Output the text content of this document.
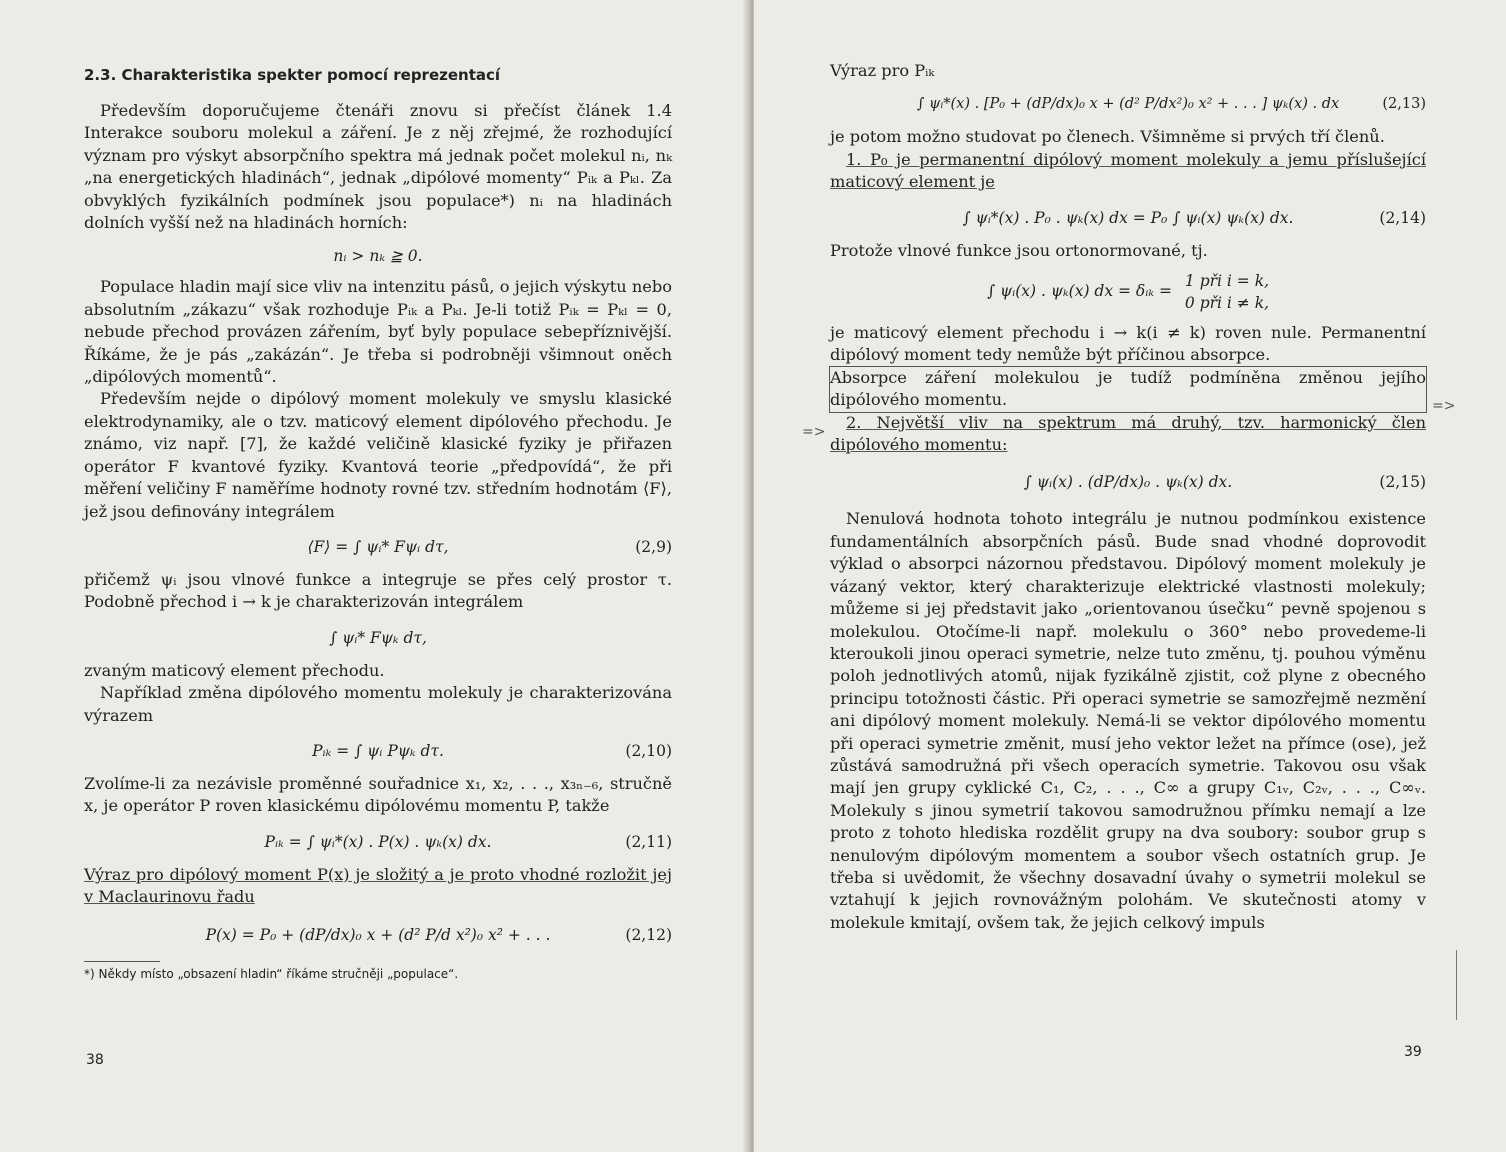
2.3. Charakteristika spekter pomocí reprezentací

Především doporučujeme čtenáři znovu si přečíst článek 1.4 Interakce souboru molekul a záření. Je z něj zřejmé, že rozhodující význam pro výskyt absorpčního spektra má jednak počet molekul nᵢ, nₖ „na energetických hladinách“, jednak „dipólové momenty“ Pᵢₖ a Pₖₗ. Za obvyklých fyzikálních podmínek jsou populace*) nᵢ na hladinách dolních vyšší než na hladinách horních:

nᵢ > nₖ ≧ 0.

Populace hladin mají sice vliv na intenzitu pásů, o jejich výskytu nebo absolutním „zákazu“ však rozhoduje Pᵢₖ a Pₖₗ. Je-li totiž Pᵢₖ = Pₖₗ = 0, nebude přechod provázen zářením, byť byly populace sebepříznivější. Říkáme, že je pás „zakázán“. Je třeba si podrobněji všimnout oněch „dipólových momentů“.

Především nejde o dipólový moment molekuly ve smyslu klasické elektrodynamiky, ale o tzv. maticový element dipólového přechodu. Je známo, viz např. [7], že každé veličině klasické fyziky je přiřazen operátor F kvantové fyziky. Kvantová teorie „předpovídá“, že při měření veličiny F naměříme hodnoty rovné tzv. středním hodnotám ⟨F⟩, jež jsou definovány integrálem

⟨F⟩ = ∫ ψᵢ* Fψᵢ dτ,	(2,9)

přičemž ψᵢ jsou vlnové funkce a integruje se přes celý prostor τ. Podobně přechod i → k je charakterizován integrálem

∫ ψᵢ* Fψₖ dτ,

zvaným maticový element přechodu.

Například změna dipólového momentu molekuly je charakterizována výrazem

Pᵢₖ = ∫ ψᵢ Pψₖ dτ.	(2,10)

Zvolíme-li za nezávisle proměnné souřadnice x₁, x₂, . . ., x₃ₙ₋₆, stručně x, je operátor P roven klasickému dipólovému momentu P, takže

Pᵢₖ = ∫ ψᵢ*(x) . P(x) . ψₖ(x) dx.	(2,11)

Výraz pro dipólový moment P(x) je složitý a je proto vhodné rozložit jej v Maclaurinovu řadu

P(x) = P₀ + (dP/dx)₀ x + (d² P/d x²)₀ x² + . . .	(2,12)
*) Někdy místo „obsazení hladin“ říkáme stručněji „populace“.
38

Výraz pro Pᵢₖ

∫ ψᵢ*(x) . [P₀ + (dP/dx)₀ x + (d² P/dx²)₀ x² + . . . ] ψₖ(x) . dx	(2,13)

je potom možno studovat po členech. Všimněme si prvých tří členů.

1. P₀ je permanentní dipólový moment molekuly a jemu příslušející maticový element je

∫ ψᵢ*(x) . P₀ . ψₖ(x) dx = P₀ ∫ ψᵢ(x) ψₖ(x) dx.	(2,14)

Protože vlnové funkce jsou ortonormované, tj.

∫ ψᵢ(x) . ψₖ(x) dx = δᵢₖ =
1 při i = k,
0 při i ≠ k,

je maticový element přechodu i → k(i ≠ k) roven nule. Permanentní dipólový moment tedy nemůže být příčinou absorpce.

Absorpce záření molekulou je tudíž podmíněna změnou jejího dipólového momentu.

2. Největší vliv na spektrum má druhý, tzv. harmonický člen dipólového momentu:

∫ ψᵢ(x) . (dP/dx)₀ . ψₖ(x) dx.	(2,15)

Nenulová hodnota tohoto integrálu je nutnou podmínkou existence fundamentálních absorpčních pásů. Bude snad vhodné doprovodit výklad o absorpci názornou představou. Dipólový moment molekuly je vázaný vektor, který charakterizuje elektrické vlastnosti molekuly; můžeme si jej představit jako „orientovanou úsečku“ pevně spojenou s molekulou. Otočíme-li např. molekulu o 360° nebo provedeme-li kteroukoli jinou operaci symetrie, nelze tuto změnu, tj. pouhou výměnu poloh jednotlivých atomů, nijak fyzikálně zjistit, což plyne z obecného principu totožnosti částic. Při operaci symetrie se samozřejmě nezmění ani dipólový moment molekuly. Nemá-li se vektor dipólového momentu při operaci symetrie změnit, musí jeho vektor ležet na přímce (ose), jež zůstává samodružná při všech operacích symetrie. Takovou osu však mají jen grupy cyklické C₁, C₂, . . ., C∞ a grupy C₁ᵥ, C₂ᵥ, . . ., C∞ᵥ. Molekuly s jinou symetrií takovou samodružnou přímku nemají a lze proto z tohoto hlediska rozdělit grupy na dva soubory: soubor grup s nenulovým dipólovým momentem a soubor všech ostatních grup. Je třeba si uvědomit, že všechny dosavadní úvahy o symetrii molekul se vztahují k jejich rovnovážným polohám. Ve skutečnosti atomy v molekule kmitají, ovšem tak, že jejich celkový impuls

=>
=>
39
